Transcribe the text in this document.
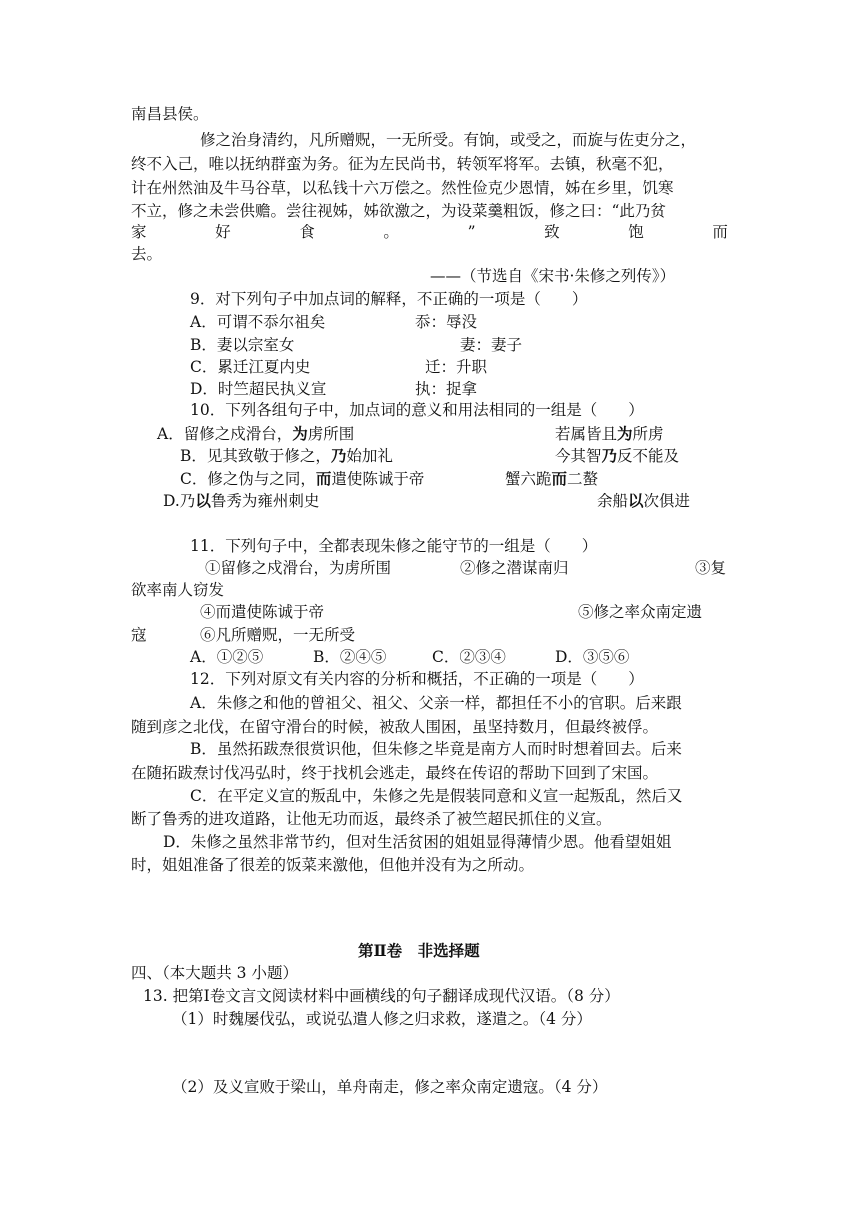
南昌县侯。
修之治身清约，凡所赠贶，一无所受。有饷，或受之，而旋与佐吏分之，
终不入己，唯以抚纳群蛮为务。征为左民尚书，转领军将军。去镇，秋毫不犯，
计在州然油及牛马谷草，以私钱十六万偿之。然性俭克少恩情，姊在乡里，饥寒
不立，修之未尝供赡。尝往视姊，姊欲激之，为设菜羹粗饭，修之曰：“此乃贫
家	好	食	。	”	致	饱	而
去。
——（节选自《宋书·朱修之列传》）
9．对下列句子中加点词的解释，不正确的一项是（　　）
A．可谓不忝尔祖矣	忝：辱没
B．妻以宗室女	妻：妻子
C．累迁江夏内史	迁：升职
D．时竺超民执义宣	执：捉拿
10．下列各组句子中，加点词的意义和用法相同的一组是（　　）
A．留修之戍滑台，为虏所围	若属皆且为所虏
B．见其致敬于修之，乃始加礼	今其智乃反不能及
C．修之伪与之同，而遣使陈诚于帝	蟹六跪而二螯
D.乃以鲁秀为雍州刺史	余船以次俱进
11．下列句子中，全都表现朱修之能守节的一组是（　　）
①留修之戍滑台，为虏所围	②修之潜谋南归	③复
欲率南人窃发
④而遣使陈诚于帝	⑤修之率众南定遗
寇	⑥凡所赠贶，一无所受
A．①②⑤	B．②④⑤	C．②③④	D．③⑤⑥
12．下列对原文有关内容的分析和概括，不正确的一项是（　　）
A．朱修之和他的曾祖父、祖父、父亲一样，都担任不小的官职。后来跟
随到彦之北伐，在留守滑台的时候，被敌人围困，虽坚持数月，但最终被俘。
B．虽然拓跋焘很赏识他，但朱修之毕竟是南方人而时时想着回去。后来
在随拓跋焘讨伐冯弘时，终于找机会逃走，最终在传诏的帮助下回到了宋国。
C．在平定义宣的叛乱中，朱修之先是假装同意和义宣一起叛乱，然后又
断了鲁秀的进攻道路，让他无功而返，最终杀了被竺超民抓住的义宣。
D．朱修之虽然非常节约，但对生活贫困的姐姐显得薄情少恩。他看望姐姐
时，姐姐准备了很差的饭菜来激他，但他并没有为之所动。
第Ⅱ卷　非选择题
四、（本大题共 3 小题）
13. 把第Ⅰ卷文言文阅读材料中画横线的句子翻译成现代汉语。（8 分）
（1）时魏屡伐弘，或说弘遣人修之归求救，遂遣之。（4 分）
（2）及义宣败于梁山，单舟南走，修之率众南定遗寇。（4 分）
